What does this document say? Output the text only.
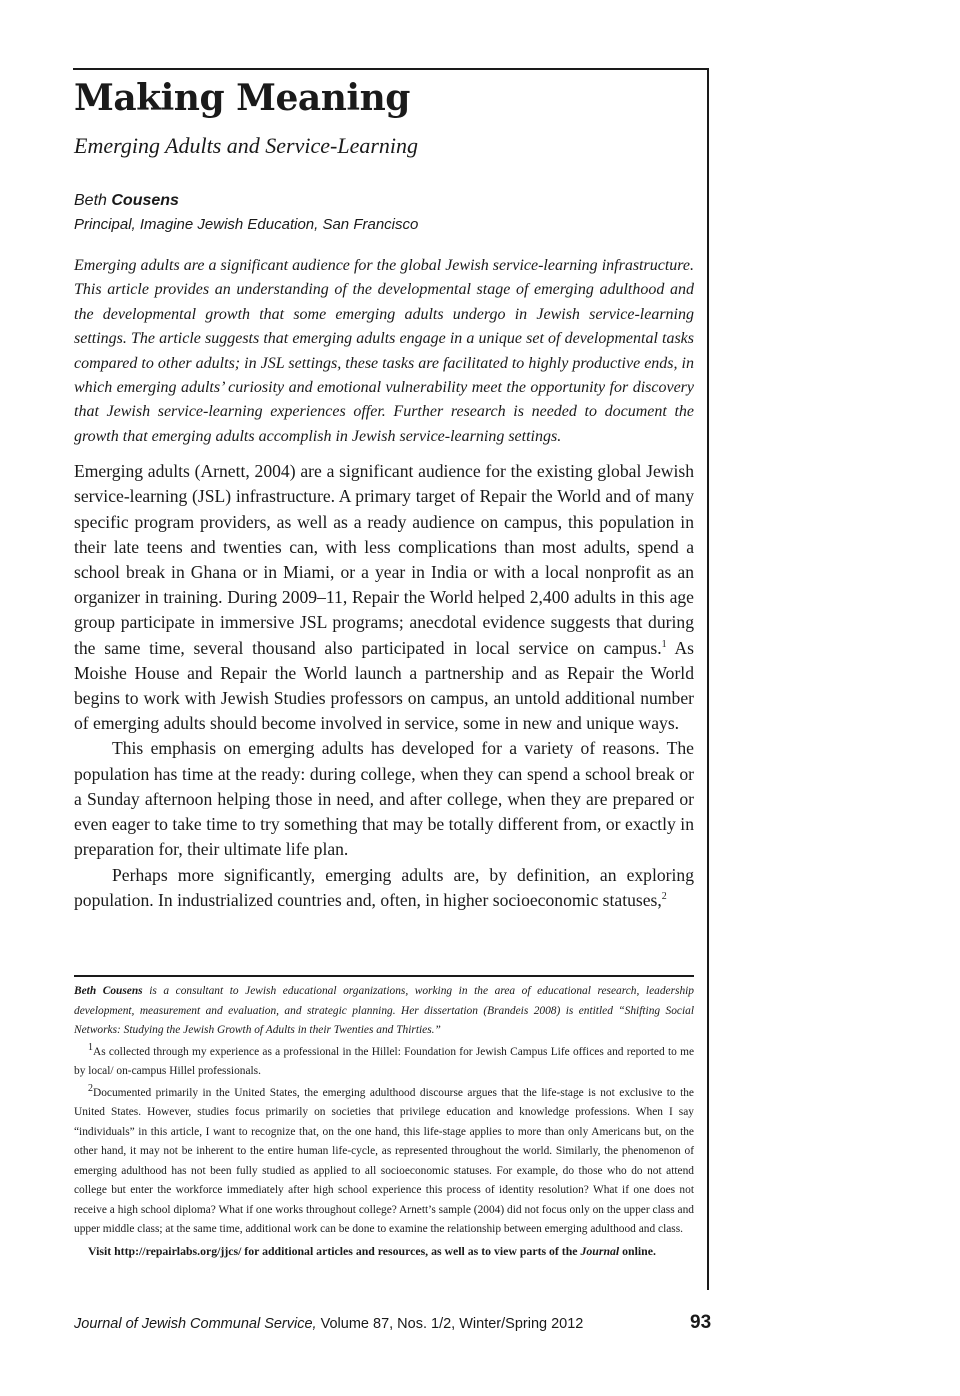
Making Meaning

Emerging Adults and Service-Learning

Beth Cousens

Principal, Imagine Jewish Education, San Francisco

Emerging adults are a significant audience for the global Jewish service-learning infrastructure. This article provides an understanding of the developmental stage of emerging adulthood and the developmental growth that some emerging adults undergo in Jewish service-learning settings. The article suggests that emerging adults engage in a unique set of developmental tasks compared to other adults; in JSL settings, these tasks are facilitated to highly productive ends, in which emerging adults’ curiosity and emotional vulnerability meet the opportunity for discovery that Jewish service-learning experiences offer. Further research is needed to document the growth that emerging adults accomplish in Jewish service-learning settings.

Emerging adults (Arnett, 2004) are a significant audience for the existing global Jewish service-learning (JSL) infrastructure. A primary target of Repair the World and of many specific program providers, as well as a ready audience on campus, this population in their late teens and twenties can, with less complications than most adults, spend a school break in Ghana or in Miami, or a year in India or with a local nonprofit as an organizer in training. During 2009–11, Repair the World helped 2,400 adults in this age group participate in immersive JSL programs; anecdotal evidence suggests that during the same time, several thousand also participated in local service on campus.$^1$ As Moishe House and Repair the World launch a partnership and as Repair the World begins to work with Jewish Studies professors on campus, an untold additional number of emerging adults should become involved in service, some in new and unique ways.

This emphasis on emerging adults has developed for a variety of reasons. The population has time at the ready: during college, when they can spend a school break or a Sunday afternoon helping those in need, and after college, when they are prepared or even eager to take time to try something that may be totally different from, or exactly in preparation for, their ultimate life plan.

Perhaps more significantly, emerging adults are, by definition, an exploring population. In industrialized countries and, often, in higher socioeconomic statuses,$^2$

Beth Cousens is a consultant to Jewish educational organizations, working in the area of educational research, leadership development, measurement and evaluation, and strategic planning. Her dissertation (Brandeis 2008) is entitled “Shifting Social Networks: Studying the Jewish Growth of Adults in their Twenties and Thirties.”

$^1$As collected through my experience as a professional in the Hillel: Foundation for Jewish Campus Life offices and reported to me by local/ on-campus Hillel professionals.

$^2$Documented primarily in the United States, the emerging adulthood discourse argues that the life-stage is not exclusive to the United States. However, studies focus primarily on societies that privilege education and knowledge professions. When I say “individuals” in this article, I want to recognize that, on the one hand, this life-stage applies to more than only Americans but, on the other hand, it may not be inherent to the entire human life-cycle, as represented throughout the world. Similarly, the phenomenon of emerging adulthood has not been fully studied as applied to all socioeconomic statuses. For example, do those who do not attend college but enter the workforce immediately after high school experience this process of identity resolution? What if one does not receive a high school diploma? What if one works throughout college? Arnett’s sample (2004) did not focus only on the upper class and upper middle class; at the same time, additional work can be done to examine the relationship between emerging adulthood and class.

Visit http://repairlabs.org/jjcs/ for additional articles and resources, as well as to view parts of the Journal online.

Journal of Jewish Communal Service, Volume 87, Nos. 1/2, Winter/Spring 2012	93
